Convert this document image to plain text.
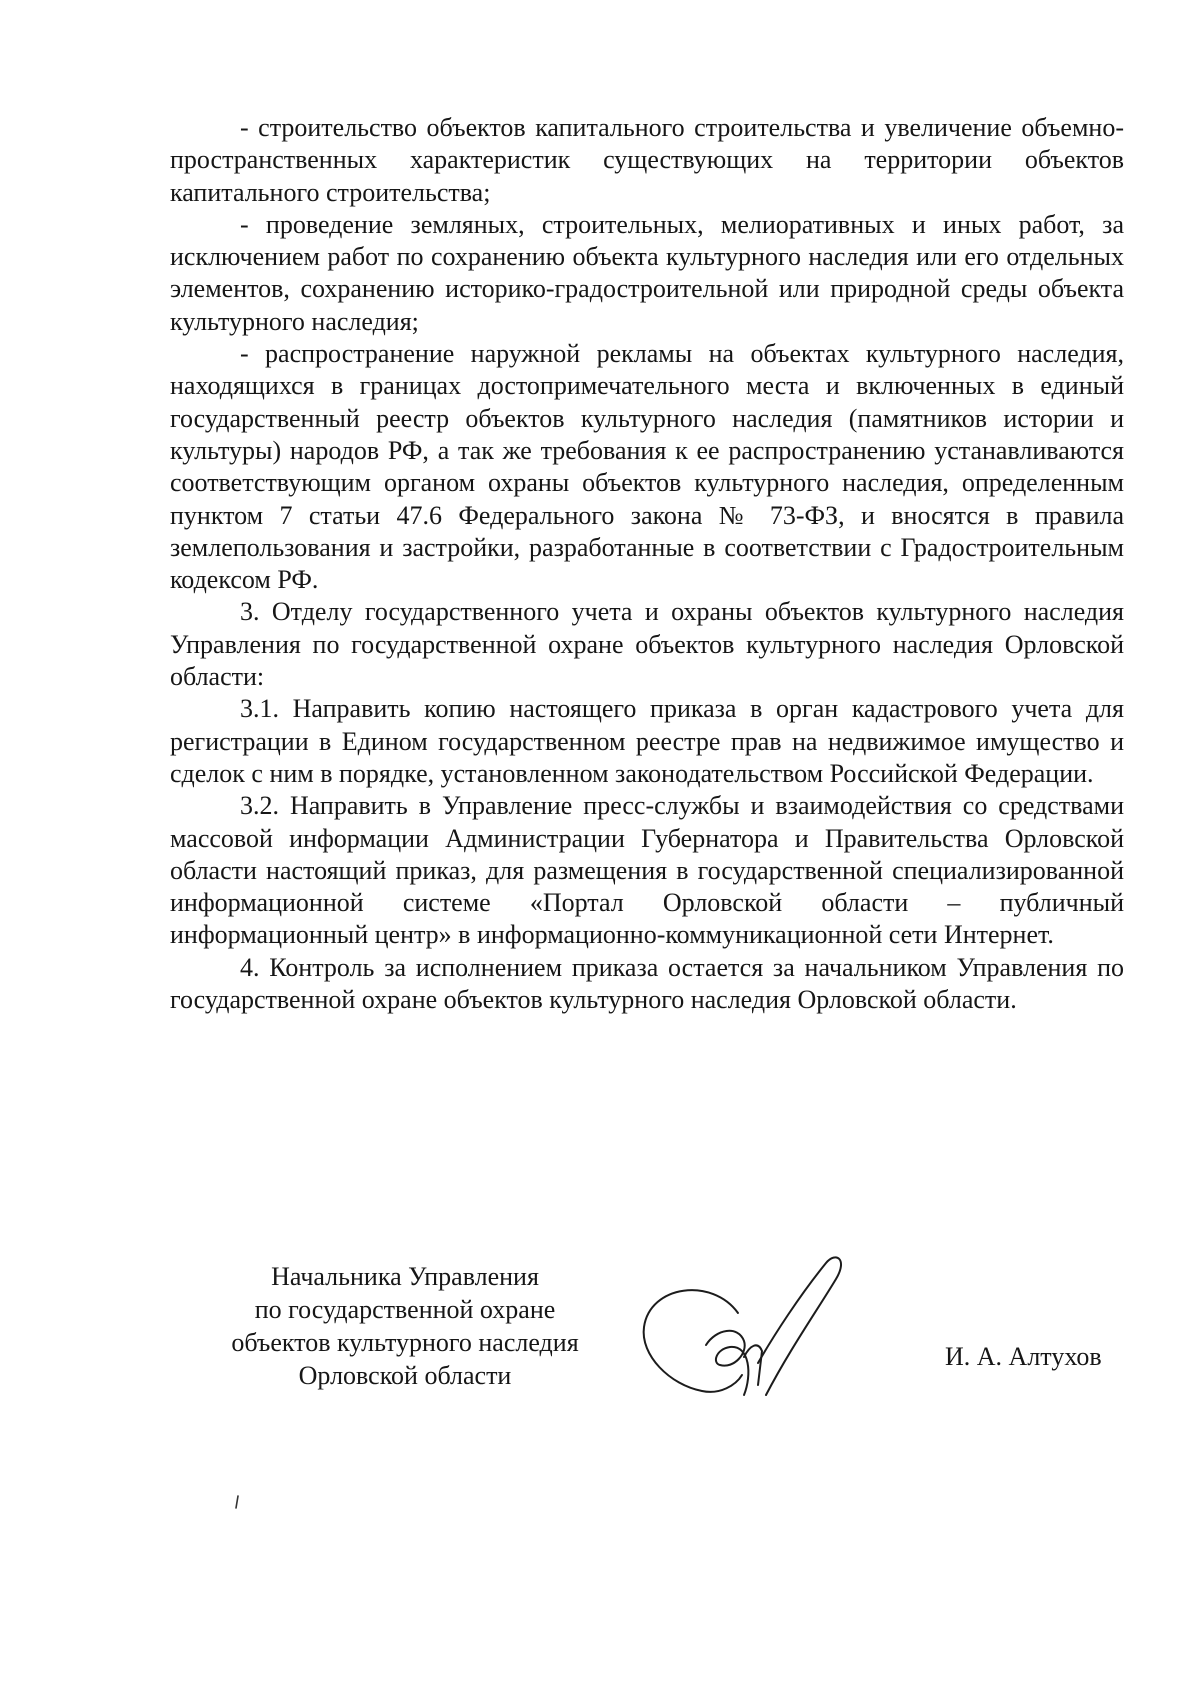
- строительство объектов капитального строительства и увеличение объемно-пространственных характеристик существующих на территории объектов капитального строительства;

- проведение земляных, строительных, мелиоративных и иных работ, за исключением работ по сохранению объекта культурного наследия или его отдельных элементов, сохранению историко-градостроительной или природной среды объекта культурного наследия;

- распространение наружной рекламы на объектах культурного наследия, находящихся в границах достопримечательного места и включенных в единый государственный реестр объектов культурного наследия (памятников истории и культуры) народов РФ, а так же требования к ее распространению устанавливаются соответствующим органом охраны объектов культурного наследия, определенным пунктом 7 статьи 47.6 Федерального закона № 73-ФЗ, и вносятся в правила землепользования и застройки, разработанные в соответствии с Градостроительным кодексом РФ.

3. Отделу государственного учета и охраны объектов культурного наследия Управления по государственной охране объектов культурного наследия Орловской области:

3.1. Направить копию настоящего приказа в орган кадастрового учета для регистрации в Едином государственном реестре прав на недвижимое имущество и сделок с ним в порядке, установленном законодательством Российской Федерации.

3.2. Направить в Управление пресс-службы и взаимодействия со средствами массовой информации Администрации Губернатора и Правительства Орловской области настоящий приказ, для размещения в государственной специализированной информационной системе «Портал Орловской области – публичный информационный центр» в информационно-коммуникационной сети Интернет.

4. Контроль за исполнением приказа остается за начальником Управления по государственной охране объектов культурного наследия Орловской области.

Начальника Управления
по государственной охране
объектов культурного наследия
Орловской области
И. А. Алтухов
